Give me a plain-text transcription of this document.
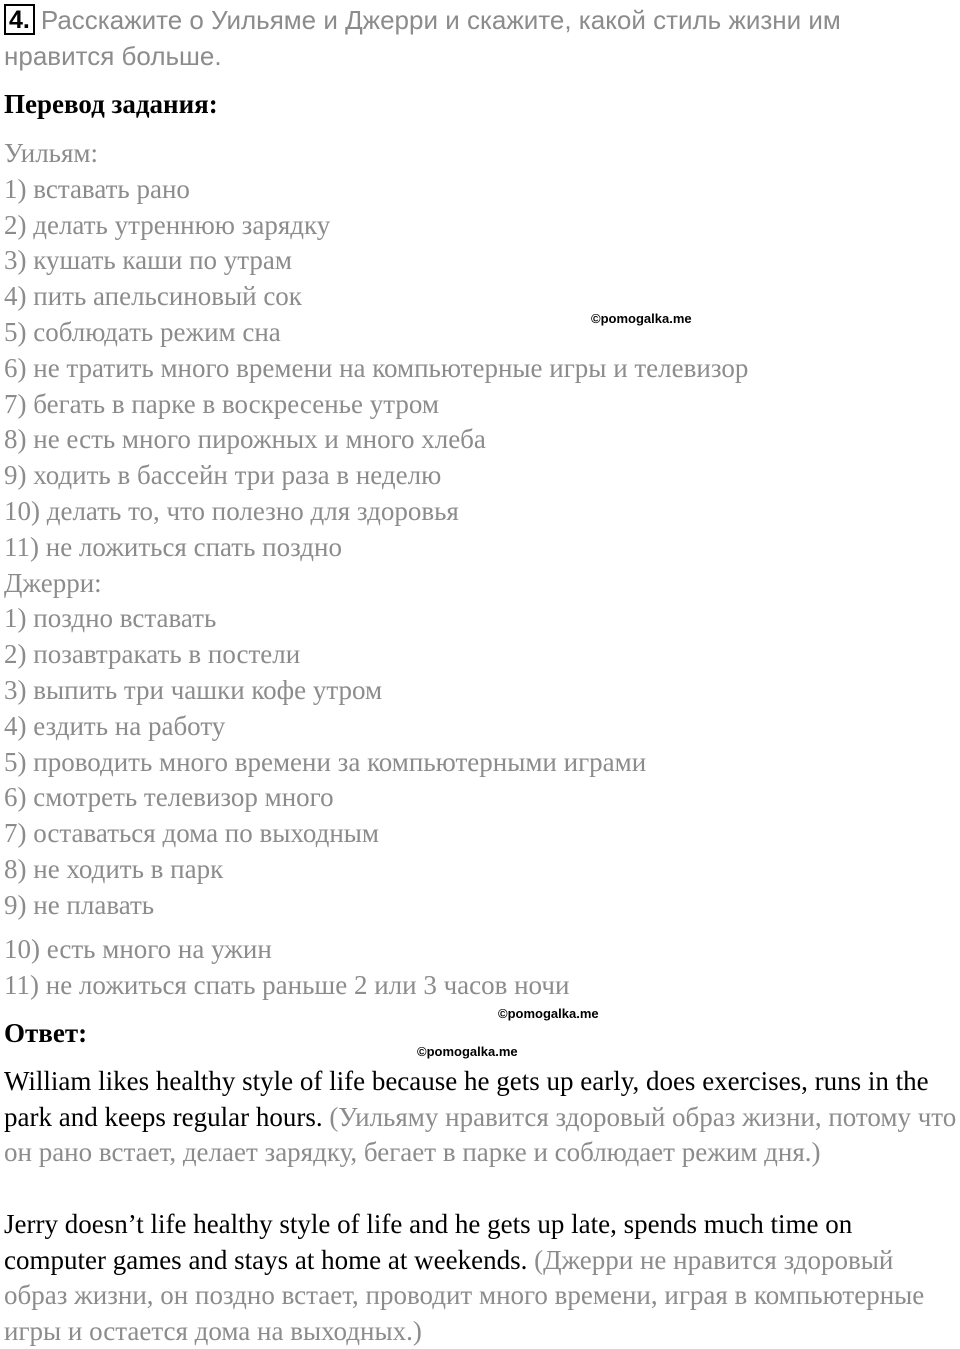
4. Расскажите о Уильяме и Джерри и скажите, какой стиль жизни им нравится больше.

Перевод задания:
Уильям:
1) вставать рано
2) делать утреннюю зарядку
3) кушать каши по утрам
4) пить апельсиновый сок
5) соблюдать режим сна
6) не тратить много времени на компьютерные игры и телевизор
7) бегать в парке в воскресенье утром
8) не есть много пирожных и много хлеба
9) ходить в бассейн три раза в неделю
10) делать то, что полезно для здоровья
11) не ложиться спать поздно
Джерри:
1) поздно вставать
2) позавтракать в постели
3) выпить три чашки кофе утром
4) ездить на работу
5) проводить много времени за компьютерными играми
6) смотреть телевизор много
7) оставаться дома по выходным
8) не ходить в парк
9) не плавать
10) есть много на ужин
11) не ложиться спать раньше 2 или 3 часов ночи

©pomogalka.me

©pomogalka.me

©pomogalka.me

Ответ:

William likes healthy style of life because he gets up early, does exercises, runs in the park and keeps regular hours. (Уильяму нравится здоровый образ жизни, потому что он рано встает, делает зарядку, бегает в парке и соблюдает режим дня.)

Jerry doesn’t life healthy style of life and he gets up late, spends much time on computer games and stays at home at weekends. (Джерри не нравится здоровый образ жизни, он поздно встает, проводит много времени, играя в компьютерные игры и остается дома на выходных.)
